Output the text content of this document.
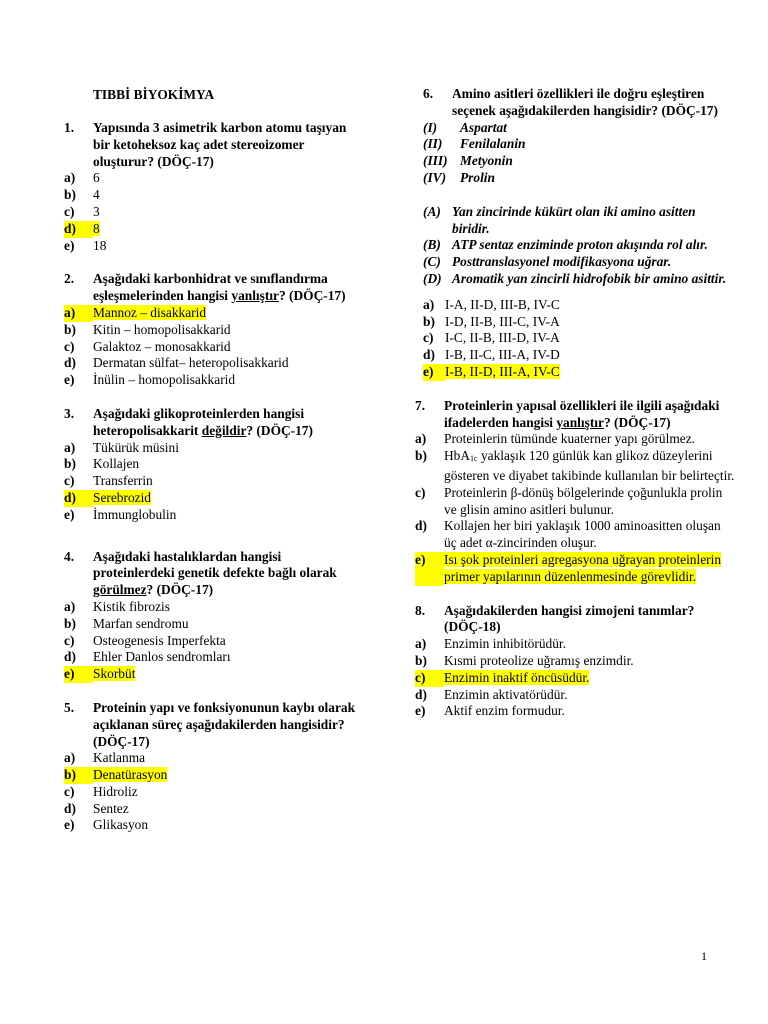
TIBBİ BİYOKİMYA
1.	Yapısında 3 asimetrik karbon atomu taşıyan bir ketoheksoz kaç adet stereoizomer oluşturur? (DÖÇ-17)
a)	6
b)	4
c)	3
d)	8
e)	18
2.	Aşağıdaki karbonhidrat ve sınıflandırma eşleşmelerinden hangisi yanlıştır? (DÖÇ-17)
a)	Mannoz – disakkarid
b)	Kitin – homopolisakkarid
c)	Galaktoz – monosakkarid
d)	Dermatan sülfat– heteropolisakkarid
e)	İnülin – homopolisakkarid
3.	Aşağıdaki glikoproteinlerden hangisi heteropolisakkarit değildir? (DÖÇ-17)
a)	Tükürük müsini
b)	Kollajen
c)	Transferrin
d)	Serebrozid
e)	İmmunglobulin
4.	Aşağıdaki hastalıklardan hangisi proteinlerdeki genetik defekte bağlı olarak görülmez? (DÖÇ-17)
a)	Kistik fibrozis
b)	Marfan sendromu
c)	Osteogenesis Imperfekta
d)	Ehler Danlos sendromları
e)	Skorbüt
5.	Proteinin yapı ve fonksiyonunun kaybı olarak açıklanan süreç aşağıdakilerden hangisidir?
(DÖÇ-17)
a)	Katlanma
b)	Denatürasyon
c)	Hidroliz
d)	Sentez
e)	Glikasyon
6.	Amino asitleri özellikleri ile doğru eşleştiren seçenek aşağıdakilerden hangisidir? (DÖÇ-17)
(I)	Aspartat
(II)	Fenilalanin
(III) Metyonin
(IV)	Prolin
(A) Yan zincirinde kükürt olan iki amino asitten biridir.
(B) ATP sentaz enziminde proton akışında rol alır.
(C) Posttranslasyonel modifikasyona uğrar.
(D) Aromatik yan zincirli hidrofobik bir amino asittir.
a) I-A, II-D, III-B, IV-C
b) I-D, II-B, III-C, IV-A
c) I-C, II-B, III-D, IV-A
d) I-B, II-C, III-A, IV-D
e) I-B, II-D, III-A, IV-C
7.	Proteinlerin yapısal özellikleri ile ilgili aşağıdaki ifadelerden hangisi yanlıştır? (DÖÇ-17)
a)	Proteinlerin tümünde kuaterner yapı görülmez.
b)	HbA$_{1c}$ yaklaşık 120 günlük kan glikoz düzeylerini gösteren ve diyabet takibinde kullanılan bir belirteçtir.
c)	Proteinlerin β-dönüş bölgelerinde çoğunlukla prolin ve glisin amino asitleri bulunur.
d)	Kollajen her biri yaklaşık 1000 aminoasitten oluşan üç adet α-zincirinden oluşur.
e)	Isı şok proteinleri agregasyona uğrayan proteinlerin primer yapılarının düzenlenmesinde görevlidir.
8.	Aşağıdakilerden hangisi zimojeni tanımlar? (DÖÇ-18)
a)	Enzimin inhibitörüdür.
b)	Kısmi proteolize uğramış enzimdir.
c)	Enzimin inaktif öncüsüdür.
d)	Enzimin aktivatörüdür.
e)	Aktif enzim formudur.
1
